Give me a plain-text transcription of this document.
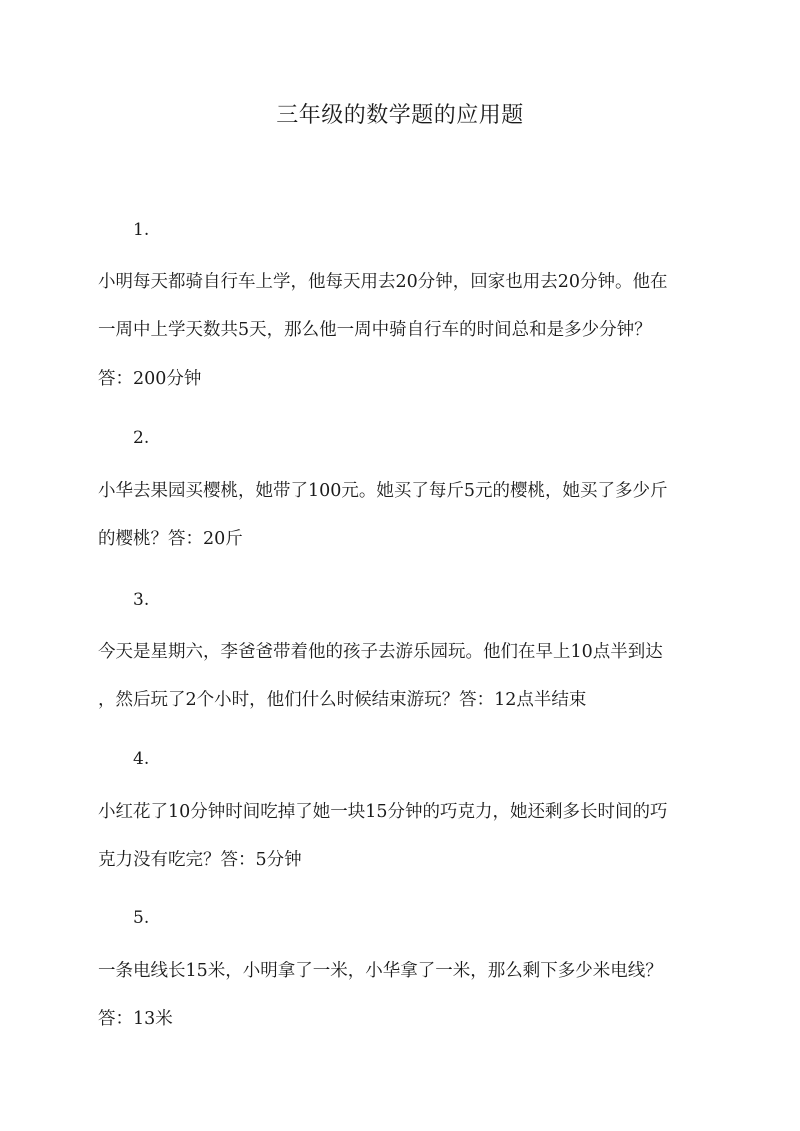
三年级的数学题的应用题

1.

小明每天都骑自行车上学，他每天用去20分钟，回家也用去20分钟。他在

一周中上学天数共5天，那么他一周中骑自行车的时间总和是多少分钟？

答：200分钟

2.

小华去果园买樱桃，她带了100元。她买了每斤5元的樱桃，她买了多少斤

的樱桃？答：20斤

3.

今天是星期六，李爸爸带着他的孩子去游乐园玩。他们在早上10点半到达

，然后玩了2个小时，他们什么时候结束游玩？答：12点半结束

4.

小红花了10分钟时间吃掉了她一块15分钟的巧克力，她还剩多长时间的巧

克力没有吃完？答：5分钟

5.

一条电线长15米，小明拿了一米，小华拿了一米，那么剩下多少米电线？

答：13米
